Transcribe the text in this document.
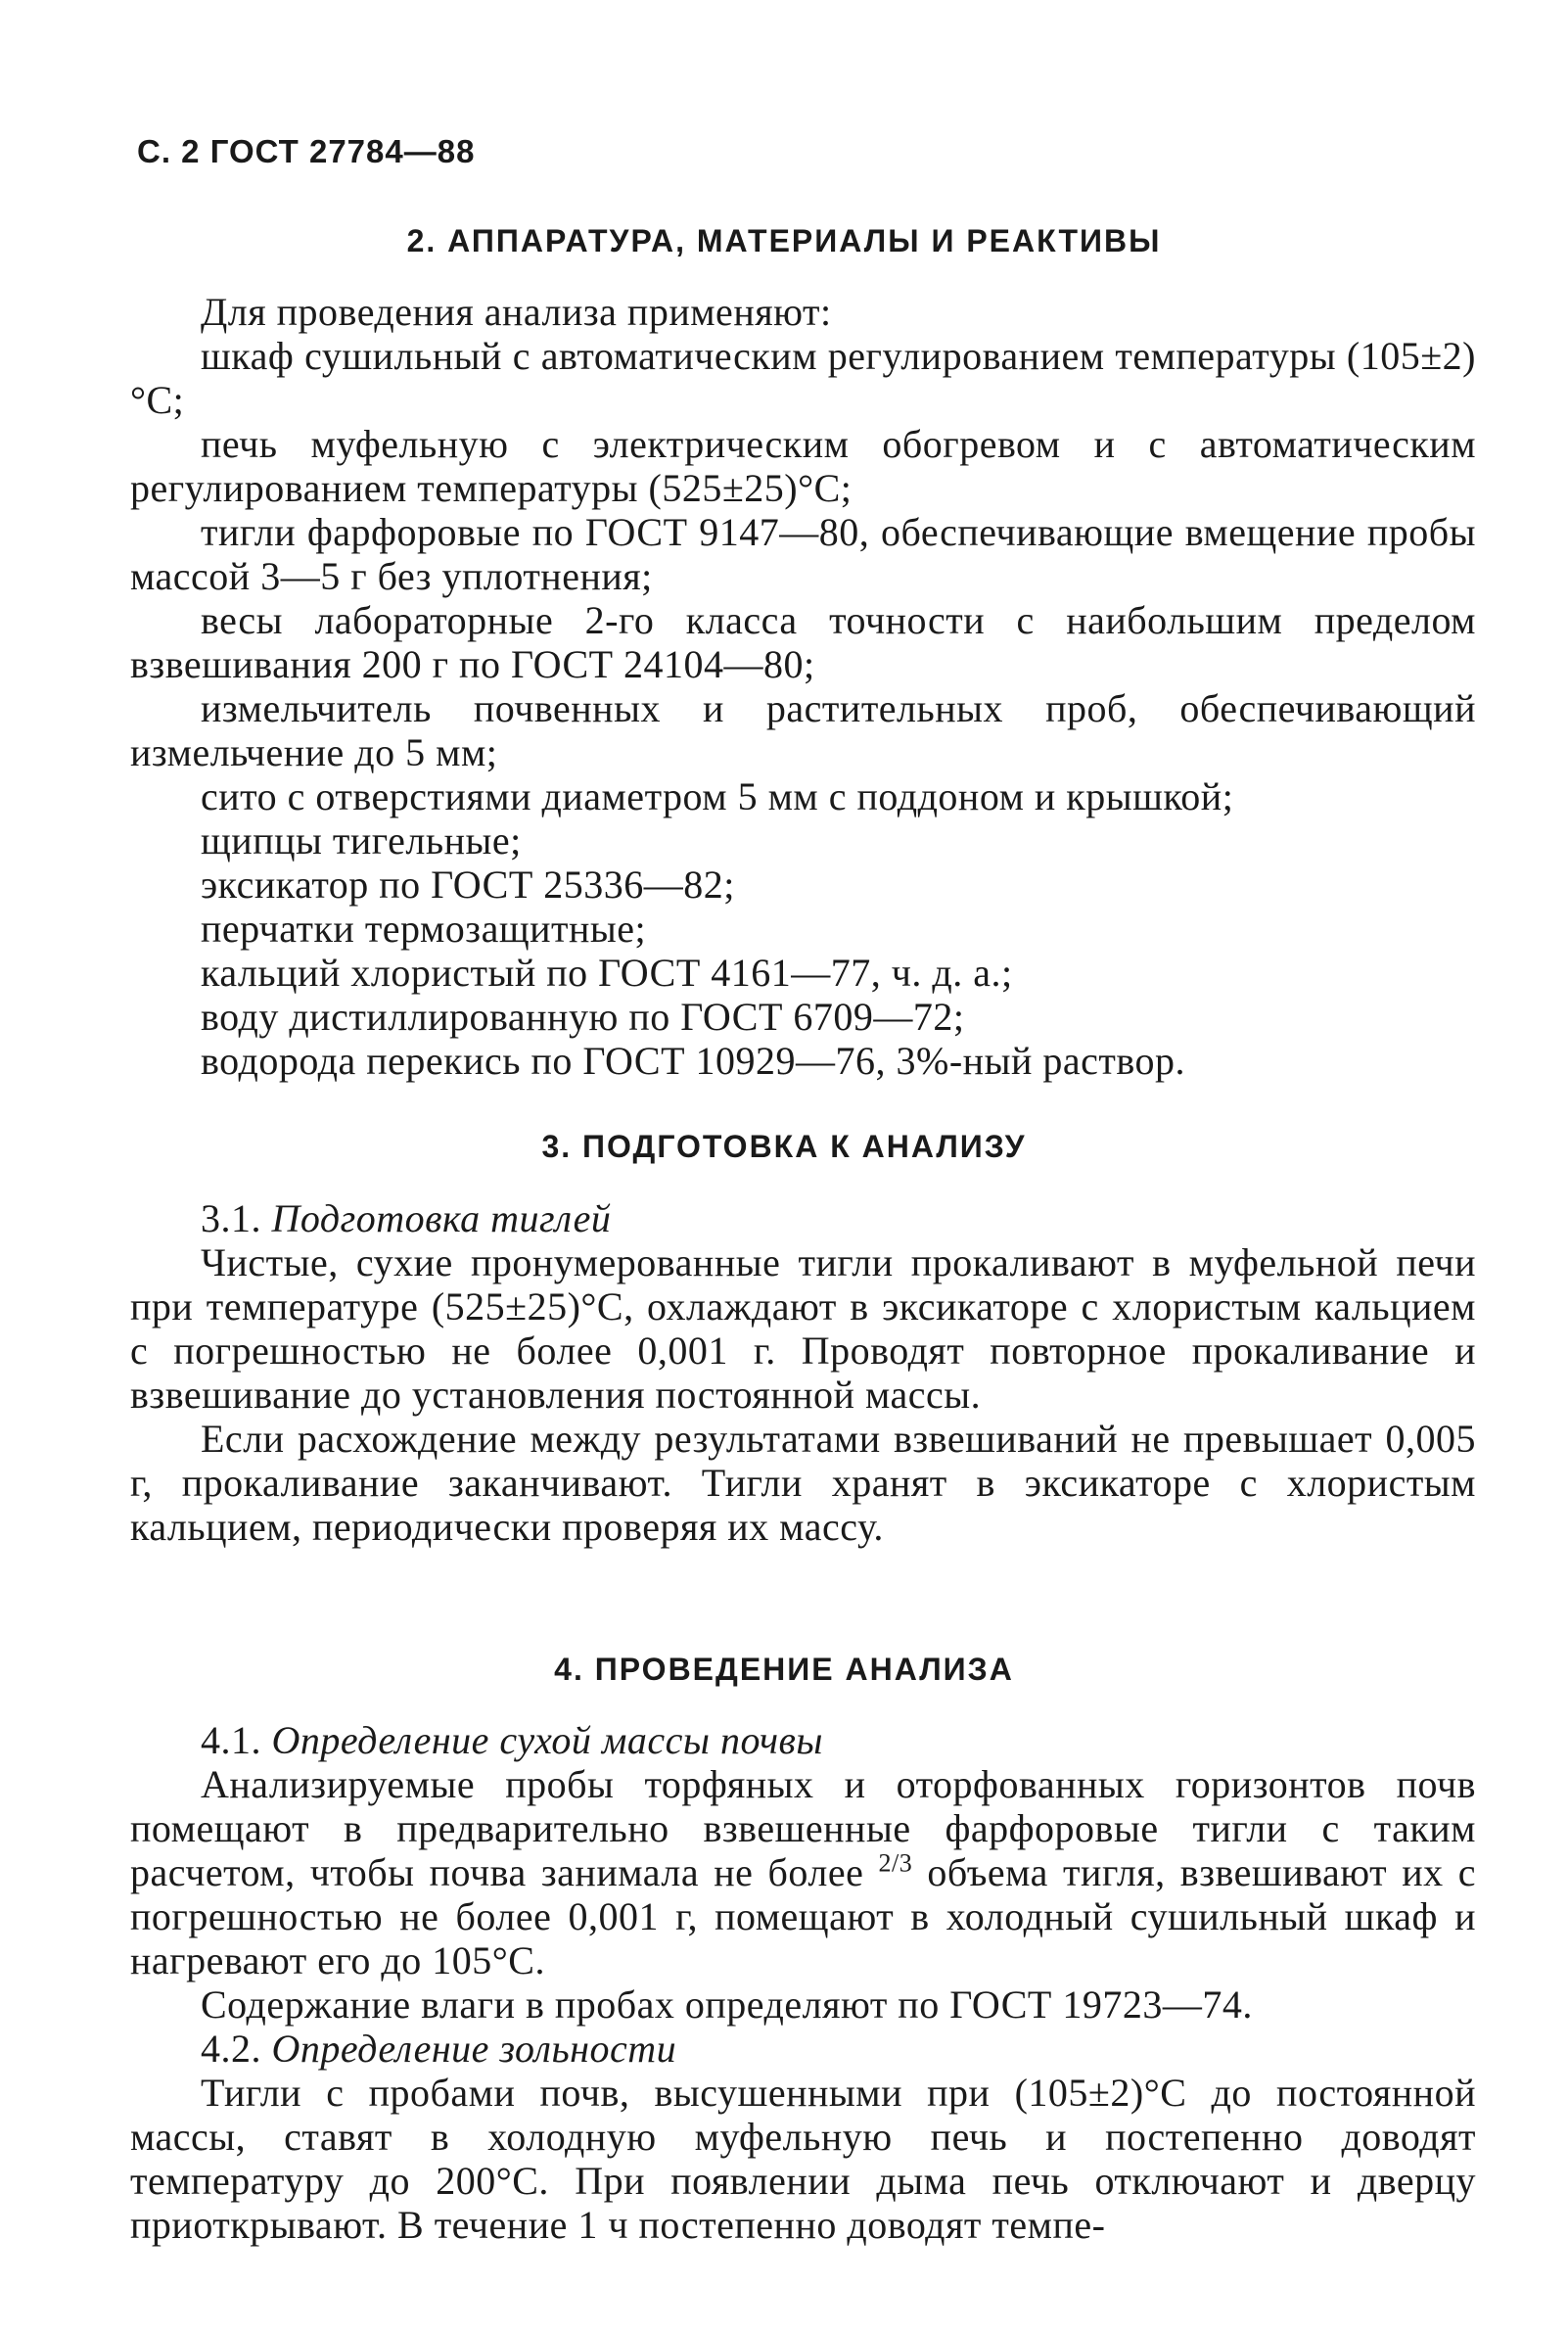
С. 2 ГОСТ 27784—88
2. АППАРАТУРА, МАТЕРИАЛЫ И РЕАКТИВЫ

Для проведения анализа применяют:

шкаф сушильный с автоматическим регулированием температуры (105±2)°С;

печь муфельную с электрическим обогревом и с автоматическим регулированием температуры (525±25)°С;

тигли фарфоровые по ГОСТ 9147—80, обеспечивающие вмещение пробы массой 3—5 г без уплотнения;

весы лабораторные 2-го класса точности с наибольшим пределом взвешивания 200 г по ГОСТ 24104—80;

измельчитель почвенных и растительных проб, обеспечивающий измельчение до 5 мм;

сито с отверстиями диаметром 5 мм с поддоном и крышкой;

щипцы тигельные;

эксикатор по ГОСТ 25336—82;

перчатки термозащитные;

кальций хлористый по ГОСТ 4161—77, ч. д. а.;

воду дистиллированную по ГОСТ 6709—72;

водорода перекись по ГОСТ 10929—76, 3%-ный раствор.

3. ПОДГОТОВКА К АНАЛИЗУ

3.1. Подготовка тиглей

Чистые, сухие пронумерованные тигли прокаливают в муфельной печи при температуре (525±25)°С, охлаждают в эксикаторе с хлористым кальцием с погрешностью не более 0,001 г. Проводят повторное прокаливание и взвешивание до установления постоянной массы.

Если расхождение между результатами взвешиваний не превышает 0,005 г, прокаливание заканчивают. Тигли хранят в эксикаторе с хлористым кальцием, периодически проверяя их массу.

4. ПРОВЕДЕНИЕ АНАЛИЗА

4.1. Определение сухой массы почвы

Анализируемые пробы торфяных и оторфованных горизонтов почв помещают в предварительно взвешенные фарфоровые тигли с таким расчетом, чтобы почва занимала не более $^{2/3}$ объема тигля, взвешивают их с погрешностью не более 0,001 г, помещают в холодный сушильный шкаф и нагревают его до 105°С.

Содержание влаги в пробах определяют по ГОСТ 19723—74.

4.2. Определение зольности

Тигли с пробами почв, высушенными при (105±2)°С до постоянной массы, ставят в холодную муфельную печь и постепенно доводят температуру до 200°С. При появлении дыма печь отключают и дверцу приоткрывают. В течение 1 ч постепенно доводят темпе-
